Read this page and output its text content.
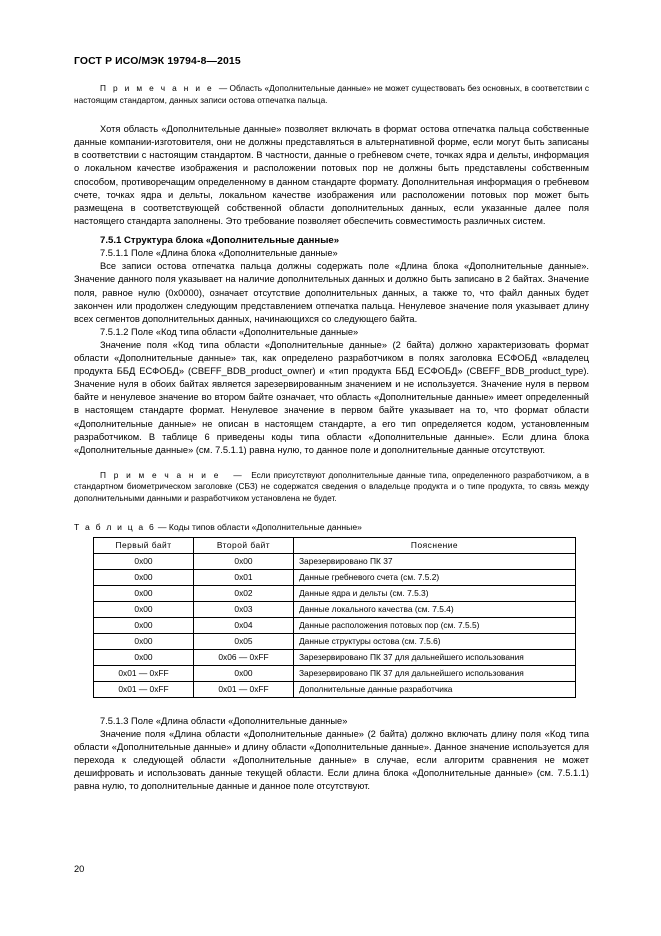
ГОСТ Р ИСО/МЭК 19794-8—2015

П р и м е ч а н и е — Область «Дополнительные данные» не может существовать без основных, в соответствии с настоящим стандартом, данных записи остова отпечатка пальца.

Хотя область «Дополнительные данные» позволяет включать в формат остова отпечатка пальца собственные данные компании-изготовителя, они не должны представляться в альтернативной форме, если могут быть записаны в соответствии с настоящим стандартом. В частности, данные о гребневом счете, точках ядра и дельты, информация о локальном качестве изображения и расположении потовых пор не должны быть представлены собственным способом, противоречащим определенному в данном стандарте формату. Дополнительная информация о гребневом счете, точках ядра и дельты, локальном качестве изображения или расположении потовых пор может быть размещена в соответствующей собственной области дополнительных данных, если указанные далее поля настоящего стандарта заполнены. Это требование позволяет обеспечить совместимость различных систем.

7.5.1 Структура блока «Дополнительные данные»

7.5.1.1 Поле «Длина блока «Дополнительные данные»

Все записи остова отпечатка пальца должны содержать поле «Длина блока «Дополнительные данные». Значение данного поля указывает на наличие дополнительных данных и должно быть записано в 2 байтах. Значение поля, равное нулю (0x0000), означает отсутствие дополнительных данных, а также то, что файл данных будет закончен или продолжен следующим представлением отпечатка пальца. Ненулевое значение поля указывает длину всех сегментов дополнительных данных, начинающихся со следующего байта.

7.5.1.2 Поле «Код типа области «Дополнительные данные»

Значение поля «Код типа области «Дополнительные данные» (2 байта) должно характеризовать формат области «Дополнительные данные» так, как определено разработчиком в полях заголовка ЕСФОБД «владелец продукта ББД ЕСФОБД» (CBEFF_BDB_product_owner) и «тип продукта ББД ЕСФОБД» (CBEFF_BDB_product_type). Значение нуля в обоих байтах является зарезервированным значением и не используется. Значение нуля в первом байте и ненулевое значение во втором байте означает, что область «Дополнительные данные» имеет определенный в настоящем стандарте формат. Ненулевое значение в первом байте указывает на то, что формат области «Дополнительные данные» не описан в настоящем стандарте, а его тип определяется кодом, установленным разработчиком. В таблице 6 приведены коды типа области «Дополнительные данные». Если длина блока «Дополнительные данные» (см. 7.5.1.1) равна нулю, то данное поле и дополнительные данные отсутствуют.

П р и м е ч а н и е — Если присутствуют дополнительные данные типа, определенного разработчиком, а в стандартном биометрическом заголовке (СБЗ) не содержатся сведения о владельце продукта и о типе продукта, то связь между дополнительными данными и разработчиком установлена не будет.

Т а б л и ц а 6 — Коды типов области «Дополнительные данные»
Первый байт	Второй байт	Пояснение
0x00	0x00	Зарезервировано ПК 37
0x00	0x01	Данные гребневого счета (см. 7.5.2)
0x00	0x02	Данные ядра и дельты (см. 7.5.3)
0x00	0x03	Данные локального качества (см. 7.5.4)
0x00	0x04	Данные расположения потовых пор (см. 7.5.5)
0x00	0x05	Данные структуры остова (см. 7.5.6)
0x00	0x06 — 0xFF	Зарезервировано ПК 37 для дальнейшего использования
0x01 — 0xFF	0x00	Зарезервировано ПК 37 для дальнейшего использования
0x01 — 0xFF	0x01 — 0xFF	Дополнительные данные разработчика

7.5.1.3 Поле «Длина области «Дополнительные данные»

Значение поля «Длина области «Дополнительные данные» (2 байта) должно включать длину поля «Код типа области «Дополнительные данные» и длину области «Дополнительные данные». Данное значение используется для перехода к следующей области «Дополнительные данные» в случае, если алгоритм сравнения не может дешифровать и использовать данные текущей области. Если длина блока «Дополнительные данные» (см. 7.5.1.1) равна нулю, то дополнительные данные и данное поле отсутствуют.

20
